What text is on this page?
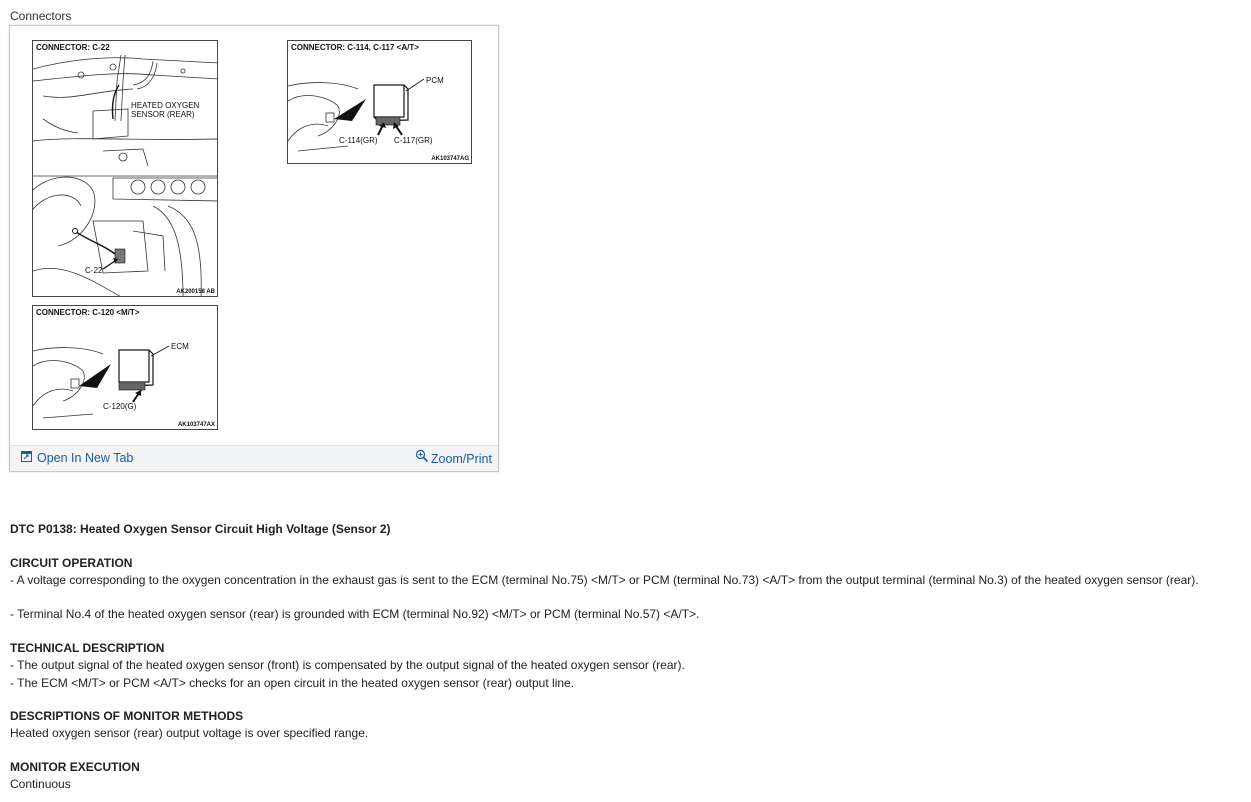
Connectors
CONNECTOR: C-22
HEATED OXYGEN
SENSOR (REAR)
C-22
AK200158 AB
CONNECTOR: C-114, C-117 <A/T>
PCM
C-114(GR) C-117(GR)
AK103747AG
CONNECTOR: C-120 <M/T>
ECM
C-120(G)
AK103747AX
Open In New Tab	Zoom/Print
DTC P0138: Heated Oxygen Sensor Circuit High Voltage (Sensor 2)
CIRCUIT OPERATION
- A voltage corresponding to the oxygen concentration in the exhaust gas is sent to the ECM (terminal No.75) <M/T> or PCM (terminal No.73) <A/T> from the output terminal (terminal No.3) of the heated oxygen sensor (rear).
- Terminal No.4 of the heated oxygen sensor (rear) is grounded with ECM (terminal No.92) <M/T> or PCM (terminal No.57) <A/T>.
TECHNICAL DESCRIPTION
- The output signal of the heated oxygen sensor (front) is compensated by the output signal of the heated oxygen sensor (rear).
- The ECM <M/T> or PCM <A/T> checks for an open circuit in the heated oxygen sensor (rear) output line.
DESCRIPTIONS OF MONITOR METHODS
Heated oxygen sensor (rear) output voltage is over specified range.
MONITOR EXECUTION
Continuous
